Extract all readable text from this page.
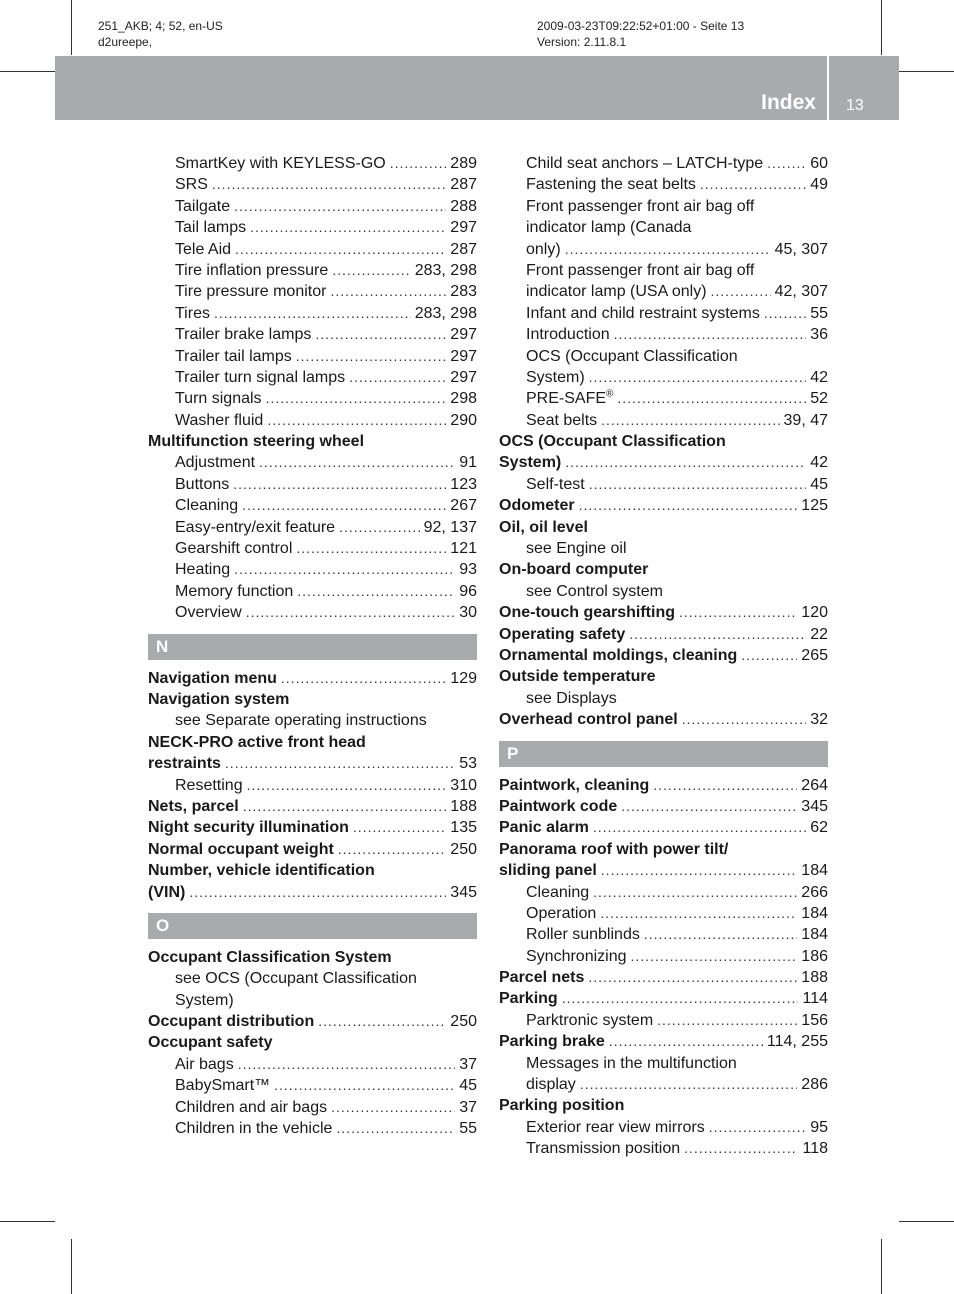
251_AKB; 4; 52, en-US
d2ureepe,
2009-03-23T09:22:52+01:00 - Seite 13
Version: 2.11.8.1
Index 13
SmartKey with KEYLESS-GO .....	289
SRS .....	287
Tailgate .....	288
Tail lamps .....	297
Tele Aid .....	287
Tire inflation pressure .....	283, 298
Tire pressure monitor .....	283
Tires .....	283, 298
Trailer brake lamps .....	297
Trailer tail lamps .....	297
Trailer turn signal lamps .....	297
Turn signals .....	298
Washer fluid .....	290
Multifunction steering wheel
Adjustment .....	91
Buttons .....	123
Cleaning .....	267
Easy-entry/exit feature .....	92, 137
Gearshift control .....	121
Heating .....	93
Memory function .....	96
Overview .....	30
N
Navigation menu .....	129
Navigation system
see Separate operating instructions
NECK-PRO active front head
restraints .....	53
Resetting .....	310
Nets, parcel .....	188
Night security illumination .....	135
Normal occupant weight .....	250
Number, vehicle identification
(VIN) .....	345
O
Occupant Classification System
see OCS (Occupant Classification
System)
Occupant distribution .....	250
Occupant safety
Air bags .....	37
BabySmart™ .....	45
Children and air bags .....	37
Children in the vehicle .....	55
Child seat anchors – LATCH-type .....	60
Fastening the seat belts .....	49
Front passenger front air bag off
indicator lamp (Canada
only) .....	45, 307
Front passenger front air bag off
indicator lamp (USA only) .....	42, 307
Infant and child restraint systems .....	55
Introduction .....	36
OCS (Occupant Classification
System) .....	42
PRE-SAFE® .....	52
Seat belts .....	39, 47
OCS (Occupant Classification
System) .....	42
Self-test .....	45
Odometer .....	125
Oil, oil level
see Engine oil
On-board computer
see Control system
One-touch gearshifting .....	120
Operating safety .....	22
Ornamental moldings, cleaning .....	265
Outside temperature
see Displays
Overhead control panel .....	32
P
Paintwork, cleaning .....	264
Paintwork code .....	345
Panic alarm .....	62
Panorama roof with power tilt/
sliding panel .....	184
Cleaning .....	266
Operation .....	184
Roller sunblinds .....	184
Synchronizing .....	186
Parcel nets .....	188
Parking .....	114
Parktronic system .....	156
Parking brake .....	114, 255
Messages in the multifunction
display .....	286
Parking position
Exterior rear view mirrors .....	95
Transmission position .....	118
